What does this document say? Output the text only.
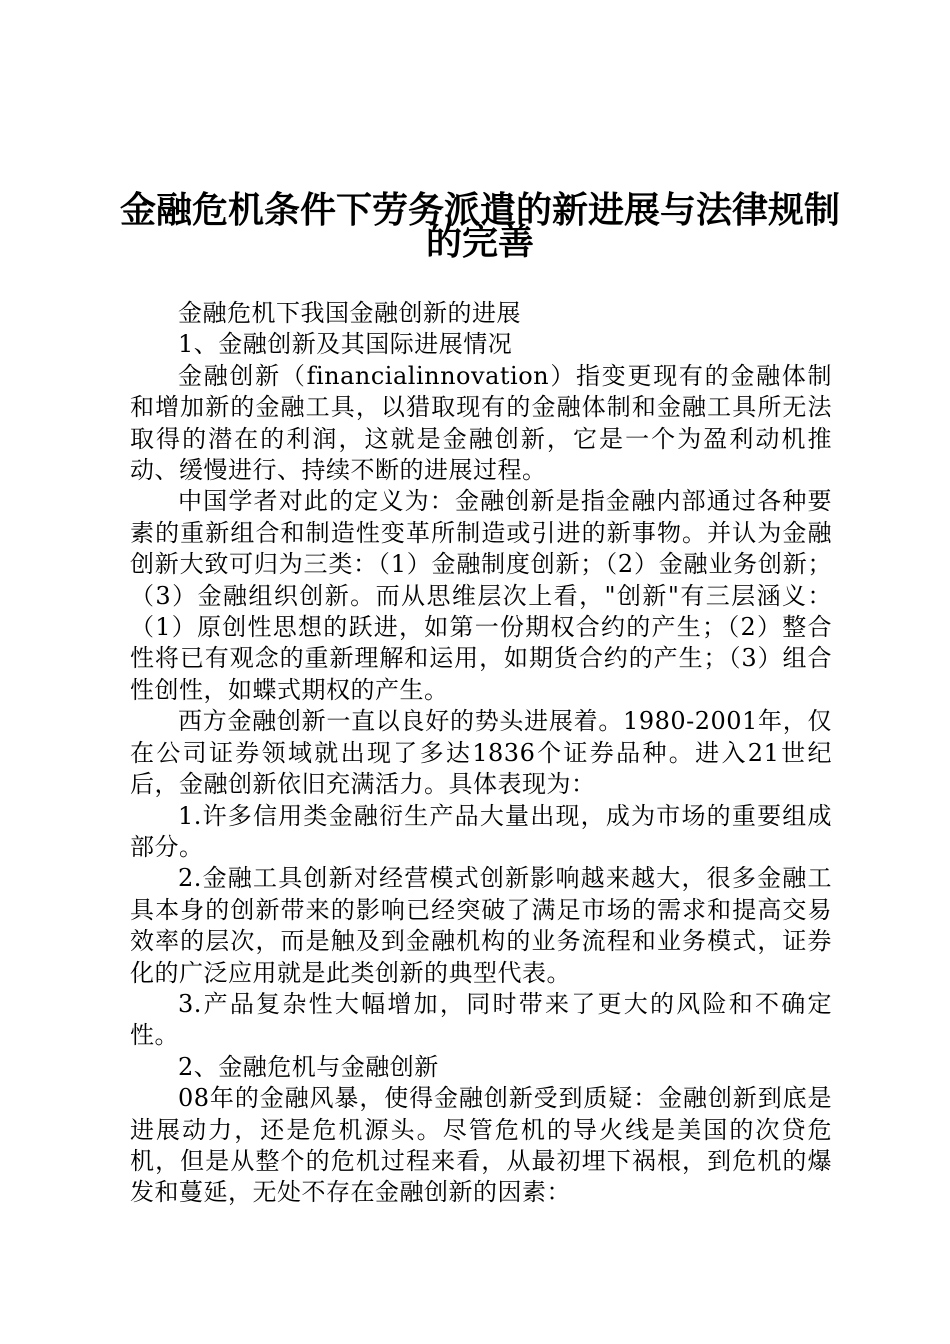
金融危机条件下劳务派遣的新进展与法律规制
的完善

金融危机下我国金融创新的进展

1、金融创新及其国际进展情况

金融创新（financialinnovation）指变更现有的金融体制和增加新的金融工具，以猎取现有的金融体制和金融工具所无法取得的潜在的利润，这就是金融创新，它是一个为盈利动机推动、缓慢进行、持续不断的进展过程。

中国学者对此的定义为：金融创新是指金融内部通过各种要素的重新组合和制造性变革所制造或引进的新事物。并认为金融创新大致可归为三类：（1）金融制度创新；（2）金融业务创新；（3）金融组织创新。而从思维层次上看，"创新"有三层涵义：（1）原创性思想的跃进，如第一份期权合约的产生；（2）整合性将已有观念的重新理解和运用，如期货合约的产生；（3）组合性创性，如蝶式期权的产生。

西方金融创新一直以良好的势头进展着。1980-2001年，仅在公司证券领域就出现了多达1836个证券品种。进入21世纪后，金融创新依旧充满活力。具体表现为：

1.许多信用类金融衍生产品大量出现，成为市场的重要组成部分。

2.金融工具创新对经营模式创新影响越来越大，很多金融工具本身的创新带来的影响已经突破了满足市场的需求和提高交易效率的层次，而是触及到金融机构的业务流程和业务模式，证券化的广泛应用就是此类创新的典型代表。

3.产品复杂性大幅增加，同时带来了更大的风险和不确定性。

2、金融危机与金融创新

08年的金融风暴，使得金融创新受到质疑：金融创新到底是进展动力，还是危机源头。尽管危机的导火线是美国的次贷危机，但是从整个的危机过程来看，从最初埋下祸根，到危机的爆发和蔓延，无处不存在金融创新的因素：
